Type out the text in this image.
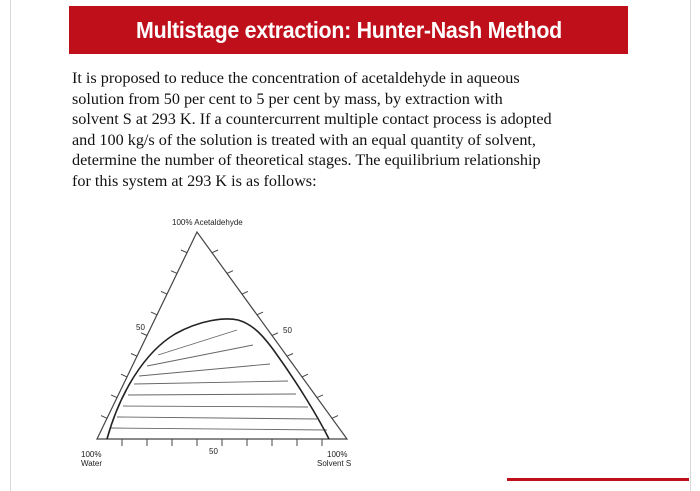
Multistage extraction: Hunter-Nash Method

It is proposed to reduce the concentration of acetaldehyde in aqueous solution from 50 per cent to 5 per cent by mass, by extraction with solvent S at 293 K. If a countercurrent multiple contact process is adopted and 100 kg/s of the solution is treated with an equal quantity of solvent, determine the number of theoretical stages. The equilibrium relationship for this system at 293 K is as follows:

100% Acetaldehyde
50	50
50
100%
Water
100%
Solvent S
